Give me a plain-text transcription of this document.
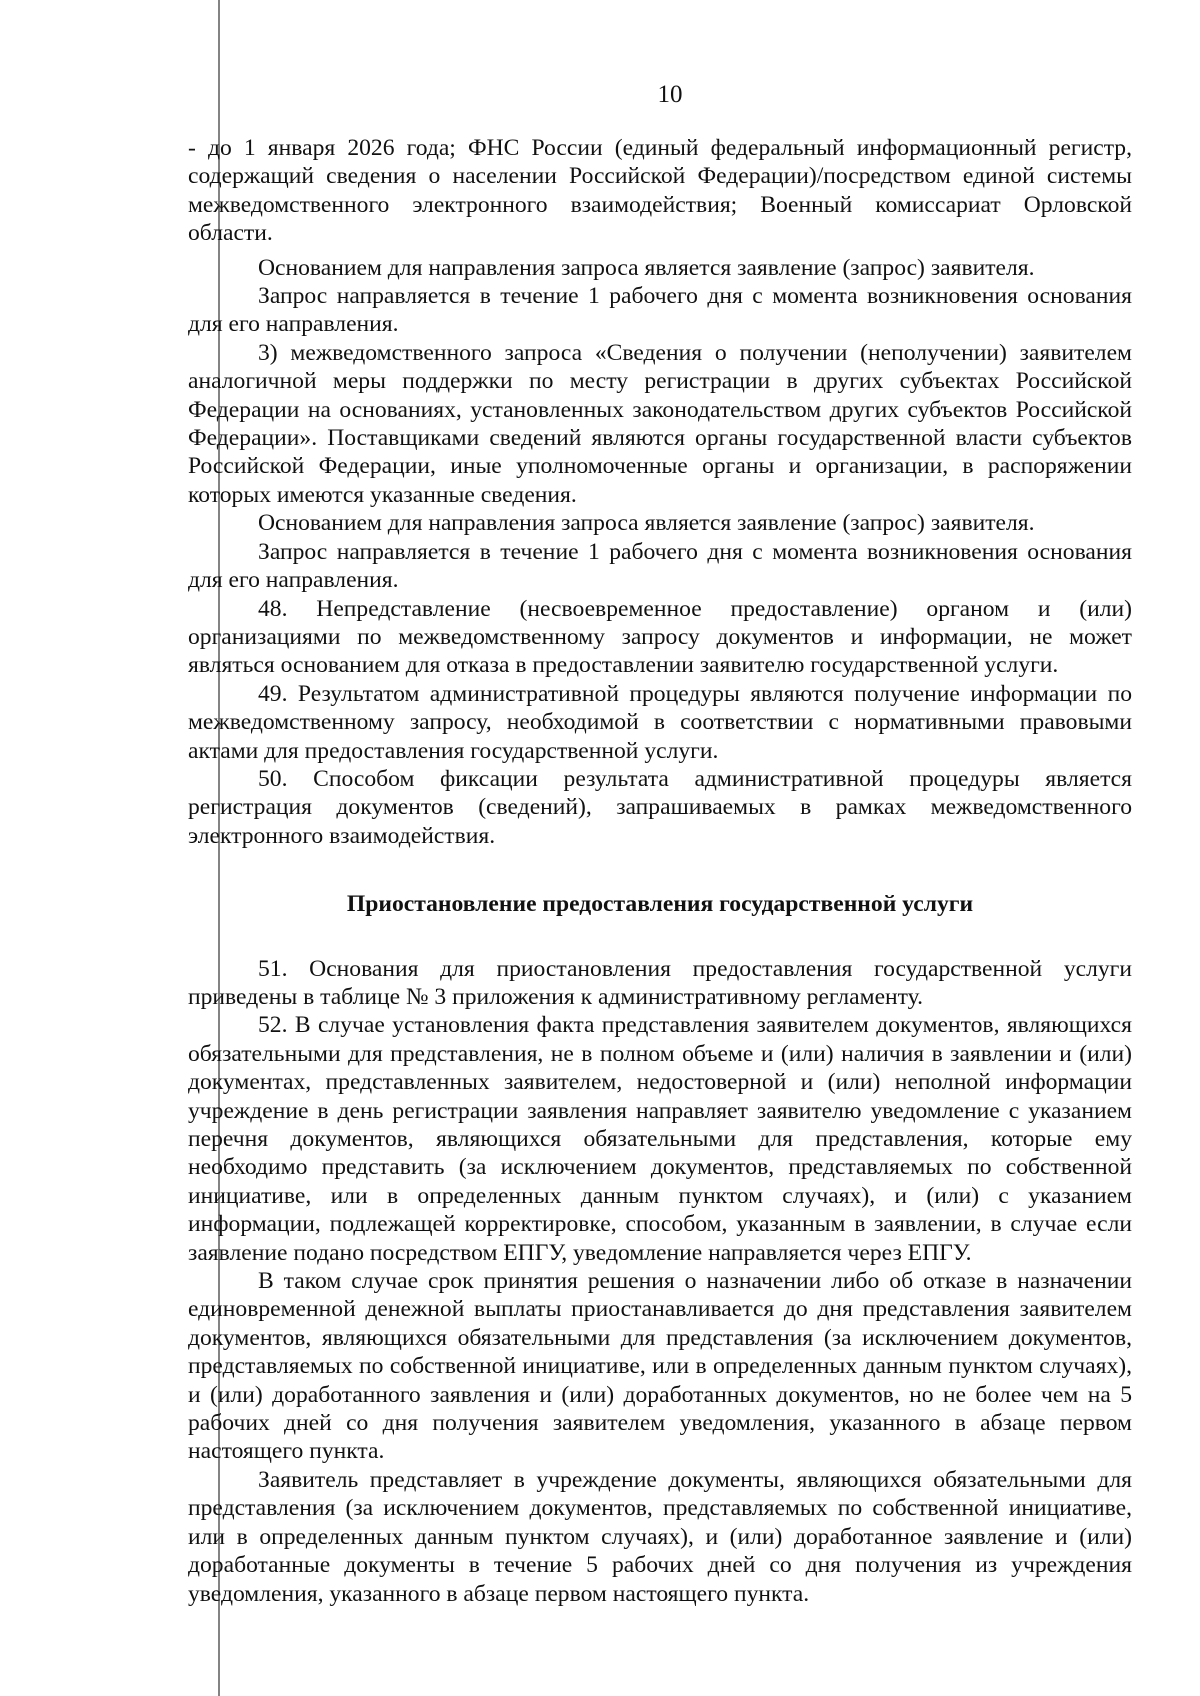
10

- до 1 января 2026 года; ФНС России (единый федеральный информационный регистр, содержащий сведения о населении Российской Федерации)/посредством единой системы межведомственного электронного взаимодействия; Военный комиссариат Орловской области.

Основанием для направления запроса является заявление (запрос) заявителя.

Запрос направляется в течение 1 рабочего дня с момента возникновения основания для его направления.

3) межведомственного запроса «Сведения о получении (неполучении) заявителем аналогичной меры поддержки по месту регистрации в других субъектах Российской Федерации на основаниях, установленных законодательством других субъектов Российской Федерации». Поставщиками сведений являются органы государственной власти субъектов Российской Федерации, иные уполномоченные органы и организации, в распоряжении которых имеются указанные сведения.

Основанием для направления запроса является заявление (запрос) заявителя.

Запрос направляется в течение 1 рабочего дня с момента возникновения основания для его направления.

48. Непредставление (несвоевременное предоставление) органом и (или) организациями по межведомственному запросу документов и информации, не может являться основанием для отказа в предоставлении заявителю государственной услуги.

49. Результатом административной процедуры являются получение информации по межведомственному запросу, необходимой в соответствии с нормативными правовыми актами для предоставления государственной услуги.

50. Способом фиксации результата административной процедуры является регистрация документов (сведений), запрашиваемых в рамках межведомственного электронного взаимодействия.

Приостановление предоставления государственной услуги

51. Основания для приостановления предоставления государственной услуги приведены в таблице № 3 приложения к административному регламенту.

52. В случае установления факта представления заявителем документов, являющихся обязательными для представления, не в полном объеме и (или) наличия в заявлении и (или) документах, представленных заявителем, недостоверной и (или) неполной информации учреждение в день регистрации заявления направляет заявителю уведомление с указанием перечня документов, являющихся обязательными для представления, которые ему необходимо представить (за исключением документов, представляемых по собственной инициативе, или в определенных данным пунктом случаях), и (или) с указанием информации, подлежащей корректировке, способом, указанным в заявлении, в случае если заявление подано посредством ЕПГУ, уведомление направляется через ЕПГУ.

В таком случае срок принятия решения о назначении либо об отказе в назначении единовременной денежной выплаты приостанавливается до дня представления заявителем документов, являющихся обязательными для представления (за исключением документов, представляемых по собственной инициативе, или в определенных данным пунктом случаях), и (или) доработанного заявления и (или) доработанных документов, но не более чем на 5 рабочих дней со дня получения заявителем уведомления, указанного в абзаце первом настоящего пункта.

Заявитель представляет в учреждение документы, являющихся обязательными для представления (за исключением документов, представляемых по собственной инициативе, или в определенных данным пунктом случаях), и (или) доработанное заявление и (или) доработанные документы в течение 5 рабочих дней со дня получения из учреждения уведомления, указанного в абзаце первом настоящего пункта.
